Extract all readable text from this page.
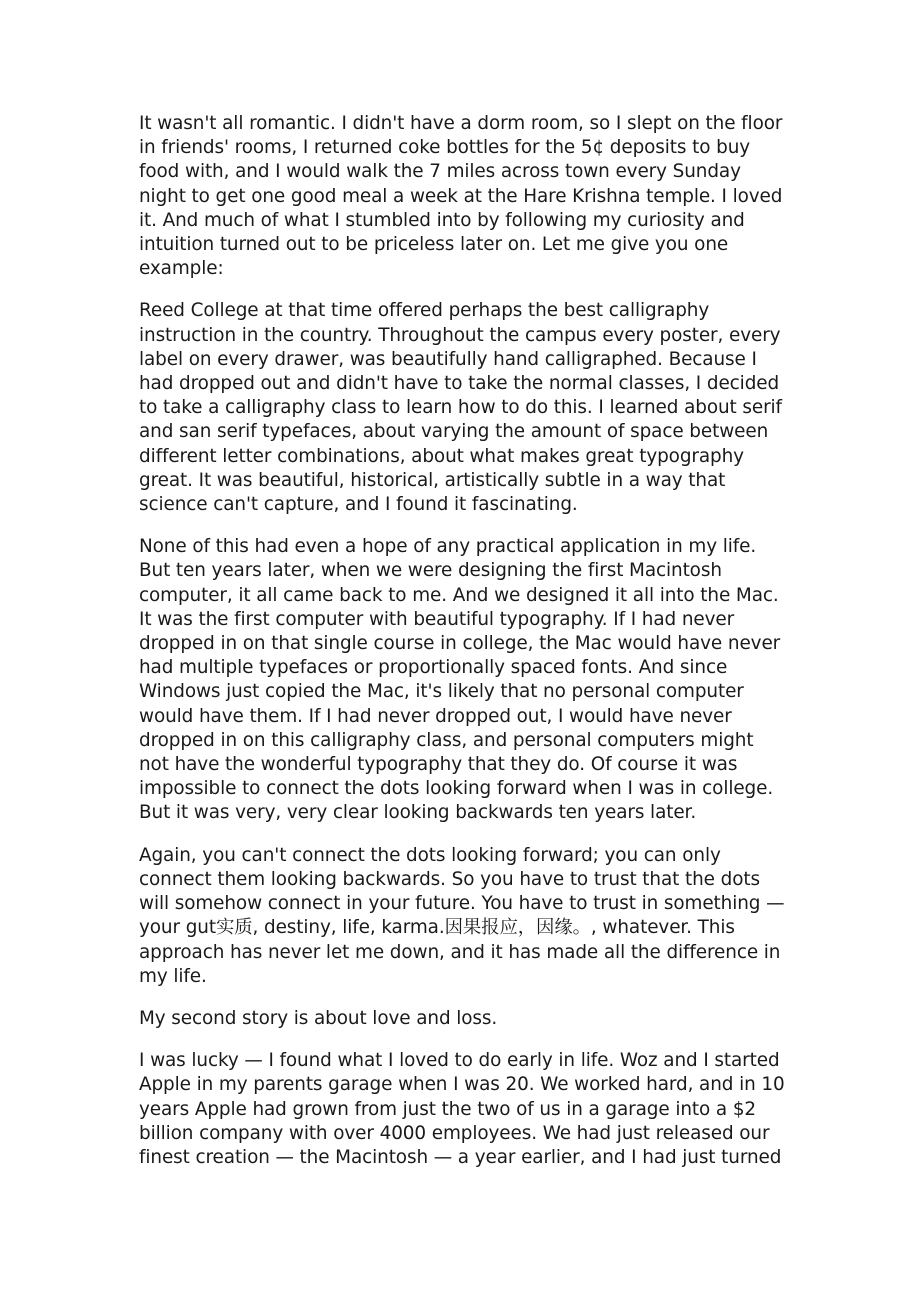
It wasn't all romantic. I didn't have a dorm room, so I slept on the floor in friends' rooms, I returned coke bottles for the 5¢ deposits to buy food with, and I would walk the 7 miles across town every Sunday night to get one good meal a week at the Hare Krishna temple. I loved it. And much of what I stumbled into by following my curiosity and intuition turned out to be priceless later on. Let me give you one example:

Reed College at that time offered perhaps the best calligraphy instruction in the country. Throughout the campus every poster, every label on every drawer, was beautifully hand calligraphed. Because I had dropped out and didn't have to take the normal classes, I decided to take a calligraphy class to learn how to do this. I learned about serif and san serif typefaces, about varying the amount of space between different letter combinations, about what makes great typography great. It was beautiful, historical, artistically subtle in a way that science can't capture, and I found it fascinating.

None of this had even a hope of any practical application in my life. But ten years later, when we were designing the first Macintosh computer, it all came back to me. And we designed it all into the Mac. It was the first computer with beautiful typography. If I had never dropped in on that single course in college, the Mac would have never had multiple typefaces or proportionally spaced fonts. And since Windows just copied the Mac, it's likely that no personal computer would have them. If I had never dropped out, I would have never dropped in on this calligraphy class, and personal computers might not have the wonderful typography that they do. Of course it was impossible to connect the dots looking forward when I was in college. But it was very, very clear looking backwards ten years later.

Again, you can't connect the dots looking forward; you can only connect them looking backwards. So you have to trust that the dots will somehow connect in your future. You have to trust in something — your gut实质, destiny, life, karma.因果报应，因缘。, whatever. This approach has never let me down, and it has made all the difference in my life.

My second story is about love and loss.

I was lucky — I found what I loved to do early in life. Woz and I started Apple in my parents garage when I was 20. We worked hard, and in 10 years Apple had grown from just the two of us in a garage into a $2 billion company with over 4000 employees. We had just released our finest creation — the Macintosh — a year earlier, and I had just turned
